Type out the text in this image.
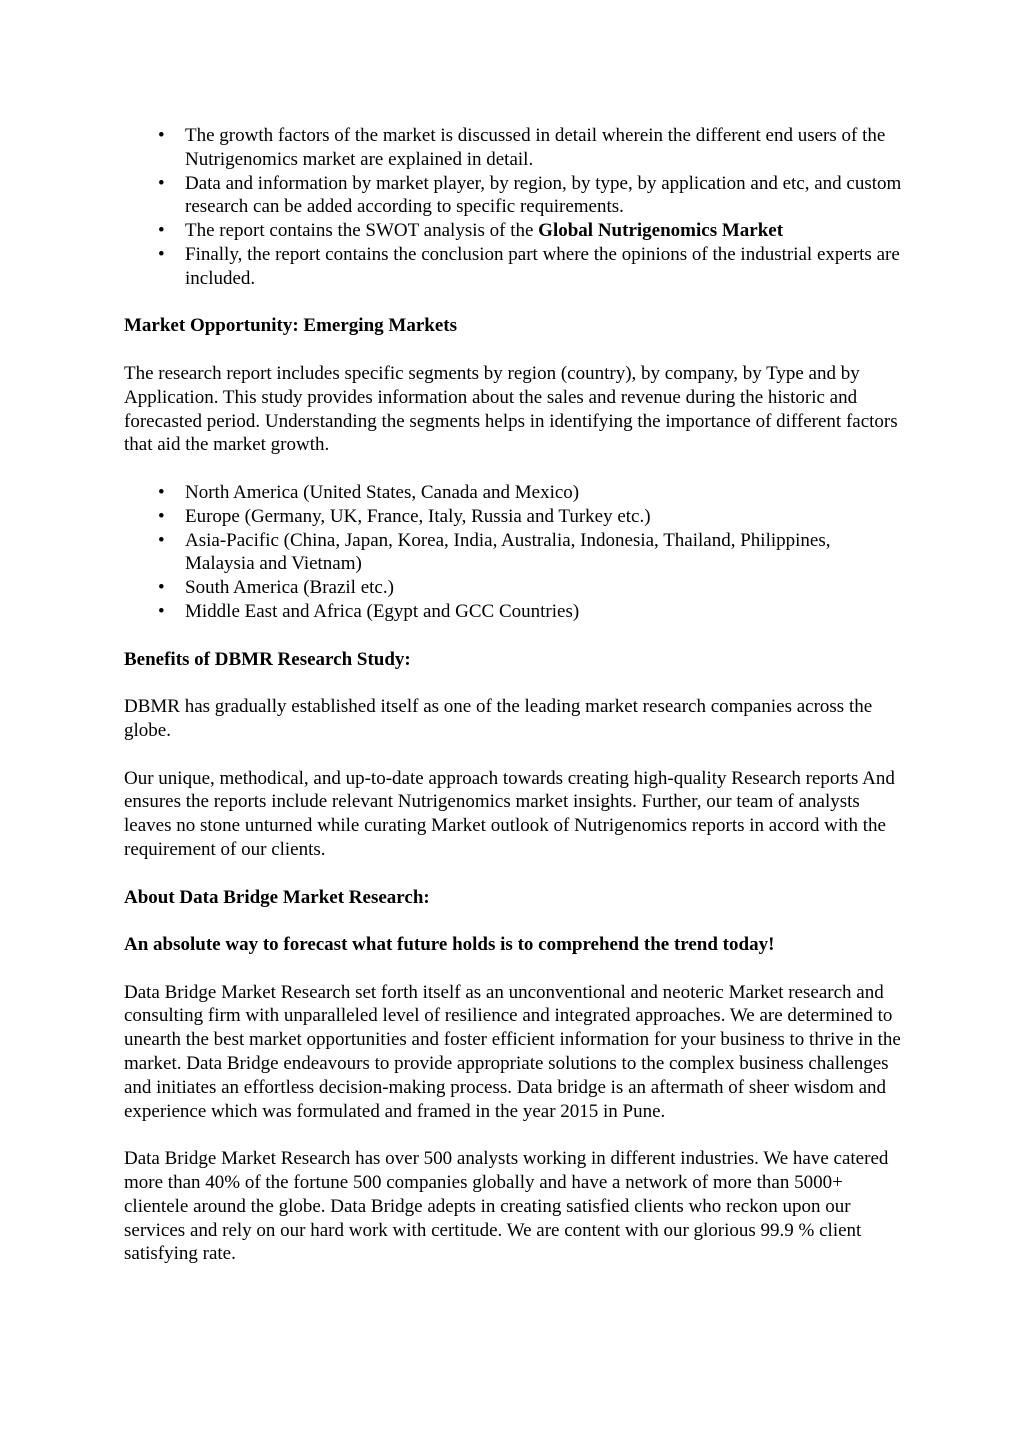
• The growth factors of the market is discussed in detail wherein the different end users of the Nutrigenomics market are explained in detail.
• Data and information by market player, by region, by type, by application and etc, and custom research can be added according to specific requirements.
• The report contains the SWOT analysis of the Global Nutrigenomics Market
• Finally, the report contains the conclusion part where the opinions of the industrial experts are included.

Market Opportunity: Emerging Markets

The research report includes specific segments by region (country), by company, by Type and by Application. This study provides information about the sales and revenue during the historic and forecasted period. Understanding the segments helps in identifying the importance of different factors that aid the market growth.

• North America (United States, Canada and Mexico)
• Europe (Germany, UK, France, Italy, Russia and Turkey etc.)
• Asia-Pacific (China, Japan, Korea, India, Australia, Indonesia, Thailand, Philippines, Malaysia and Vietnam)
• South America (Brazil etc.)
• Middle East and Africa (Egypt and GCC Countries)

Benefits of DBMR Research Study:

DBMR has gradually established itself as one of the leading market research companies across the globe.

Our unique, methodical, and up-to-date approach towards creating high-quality Research reports And ensures the reports include relevant Nutrigenomics market insights. Further, our team of analysts leaves no stone unturned while curating Market outlook of Nutrigenomics reports in accord with the requirement of our clients.

About Data Bridge Market Research:

An absolute way to forecast what future holds is to comprehend the trend today!

Data Bridge Market Research set forth itself as an unconventional and neoteric Market research and consulting firm with unparalleled level of resilience and integrated approaches. We are determined to unearth the best market opportunities and foster efficient information for your business to thrive in the market. Data Bridge endeavours to provide appropriate solutions to the complex business challenges and initiates an effortless decision-making process. Data bridge is an aftermath of sheer wisdom and experience which was formulated and framed in the year 2015 in Pune.

Data Bridge Market Research has over 500 analysts working in different industries. We have catered more than 40% of the fortune 500 companies globally and have a network of more than 5000+ clientele around the globe. Data Bridge adepts in creating satisfied clients who reckon upon our services and rely on our hard work with certitude. We are content with our glorious 99.9 % client satisfying rate.
